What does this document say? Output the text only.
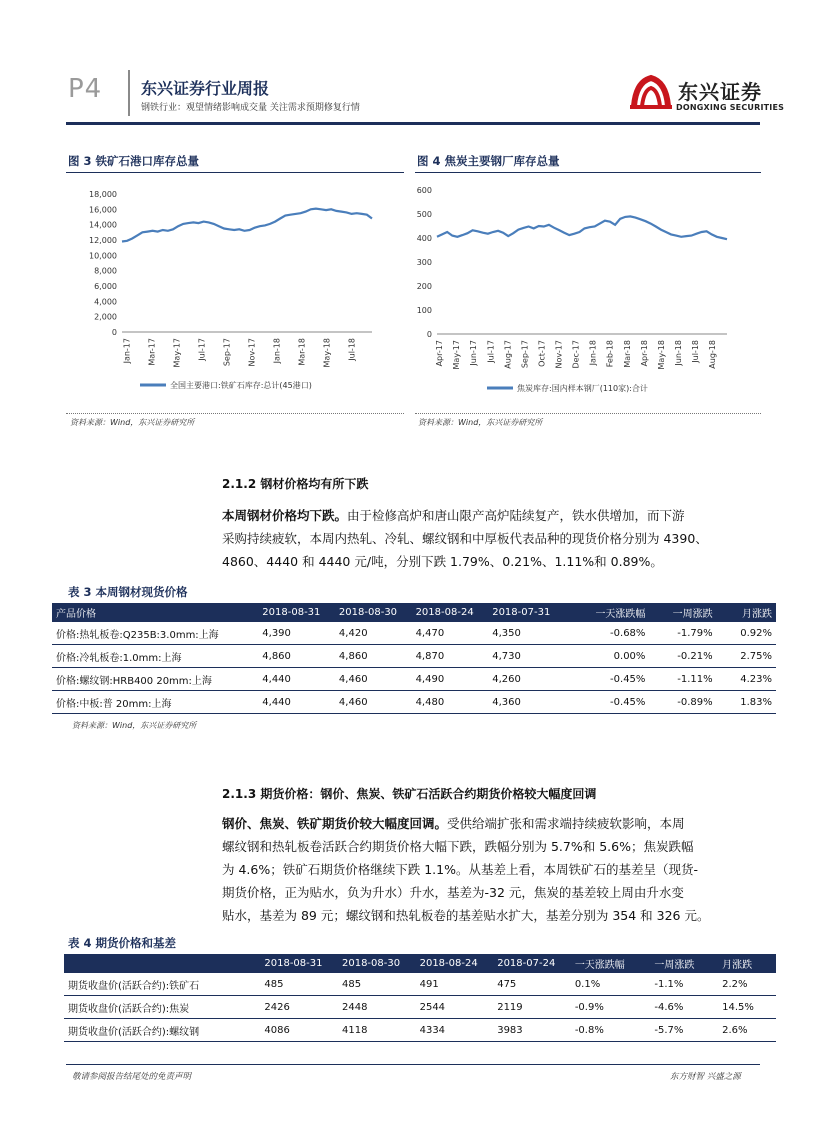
P4 东兴证券行业周报
钢铁行业：观望情绪影响成交量 关注需求预期修复行情
东兴证券
DONGXING SECURITIES
图 3 铁矿石港口库存总量
18,000
16,000
14,000
12,000
10,000
8,000
6,000
4,000
2,000
0
Jan-17 Mar-17 May-17 Jul-17 Sep-17 Nov-17 Jan-18 Mar-18 May-18 Jul-18
全国主要港口:铁矿石库存:总计(45港口)
资料来源：Wind，东兴证券研究所
图 4 焦炭主要钢厂库存总量
600
500
400
300
200
100
0
Apr-17 May-17 Jun-17 Jul-17 Aug-17 Sep-17 Oct-17 Nov-17 Dec-17 Jan-18 Feb-18 Mar-18 Apr-18 May-18 Jun-18 Jul-18 Aug-18
焦炭库存:国内样本钢厂(110家):合计
资料来源：Wind，东兴证券研究所
2.1.2 钢材价格均有所下跌
本周钢材价格均下跌。由于检修高炉和唐山限产高炉陆续复产，铁水供增加，而下游
采购持续疲软，本周内热轧、冷轧、螺纹钢和中厚板代表品种的现货价格分别为 4390、
4860、4440 和 4440 元/吨，分别下跌 1.79%、0.21%、1.11%和 0.89%。
表 3 本周钢材现货价格
产品价格	2018-08-31	2018-08-30	2018-08-24	2018-07-31	一天涨跌幅	一周涨跌	月涨跌
价格:热轧板卷:Q235B:3.0mm:上海	4,390	4,420	4,470	4,350	-0.68%	-1.79%	0.92%
价格:冷轧板卷:1.0mm:上海	4,860	4,860	4,870	4,730	0.00%	-0.21%	2.75%
价格:螺纹钢:HRB400 20mm:上海	4,440	4,460	4,490	4,260	-0.45%	-1.11%	4.23%
价格:中板:普 20mm:上海	4,440	4,460	4,480	4,360	-0.45%	-0.89%	1.83%
资料来源：Wind，东兴证券研究所
2.1.3 期货价格：钢价、焦炭、铁矿石活跃合约期货价格较大幅度回调
钢价、焦炭、铁矿期货价较大幅度回调。受供给端扩张和需求端持续疲软影响，本周
螺纹钢和热轧板卷活跃合约期货价格大幅下跌，跌幅分别为 5.7%和 5.6%；焦炭跌幅
为 4.6%；铁矿石期货价格继续下跌 1.1%。从基差上看，本周铁矿石的基差呈（现货-
期货价格，正为贴水，负为升水）升水，基差为-32 元，焦炭的基差较上周由升水变
贴水，基差为 89 元；螺纹钢和热轧板卷的基差贴水扩大，基差分别为 354 和 326 元。
表 4 期货价格和基差
	2018-08-31	2018-08-30	2018-08-24	2018-07-24	一天涨跌幅	一周涨跌	月涨跌
期货收盘价(活跃合约):铁矿石	485	485	491	475	0.1%	-1.1%	2.2%
期货收盘价(活跃合约):焦炭	2426	2448	2544	2119	-0.9%	-4.6%	14.5%
期货收盘价(活跃合约):螺纹钢	4086	4118	4334	3983	-0.8%	-5.7%	2.6%
敬请参阅报告结尾处的免责声明	东方财智 兴盛之源
